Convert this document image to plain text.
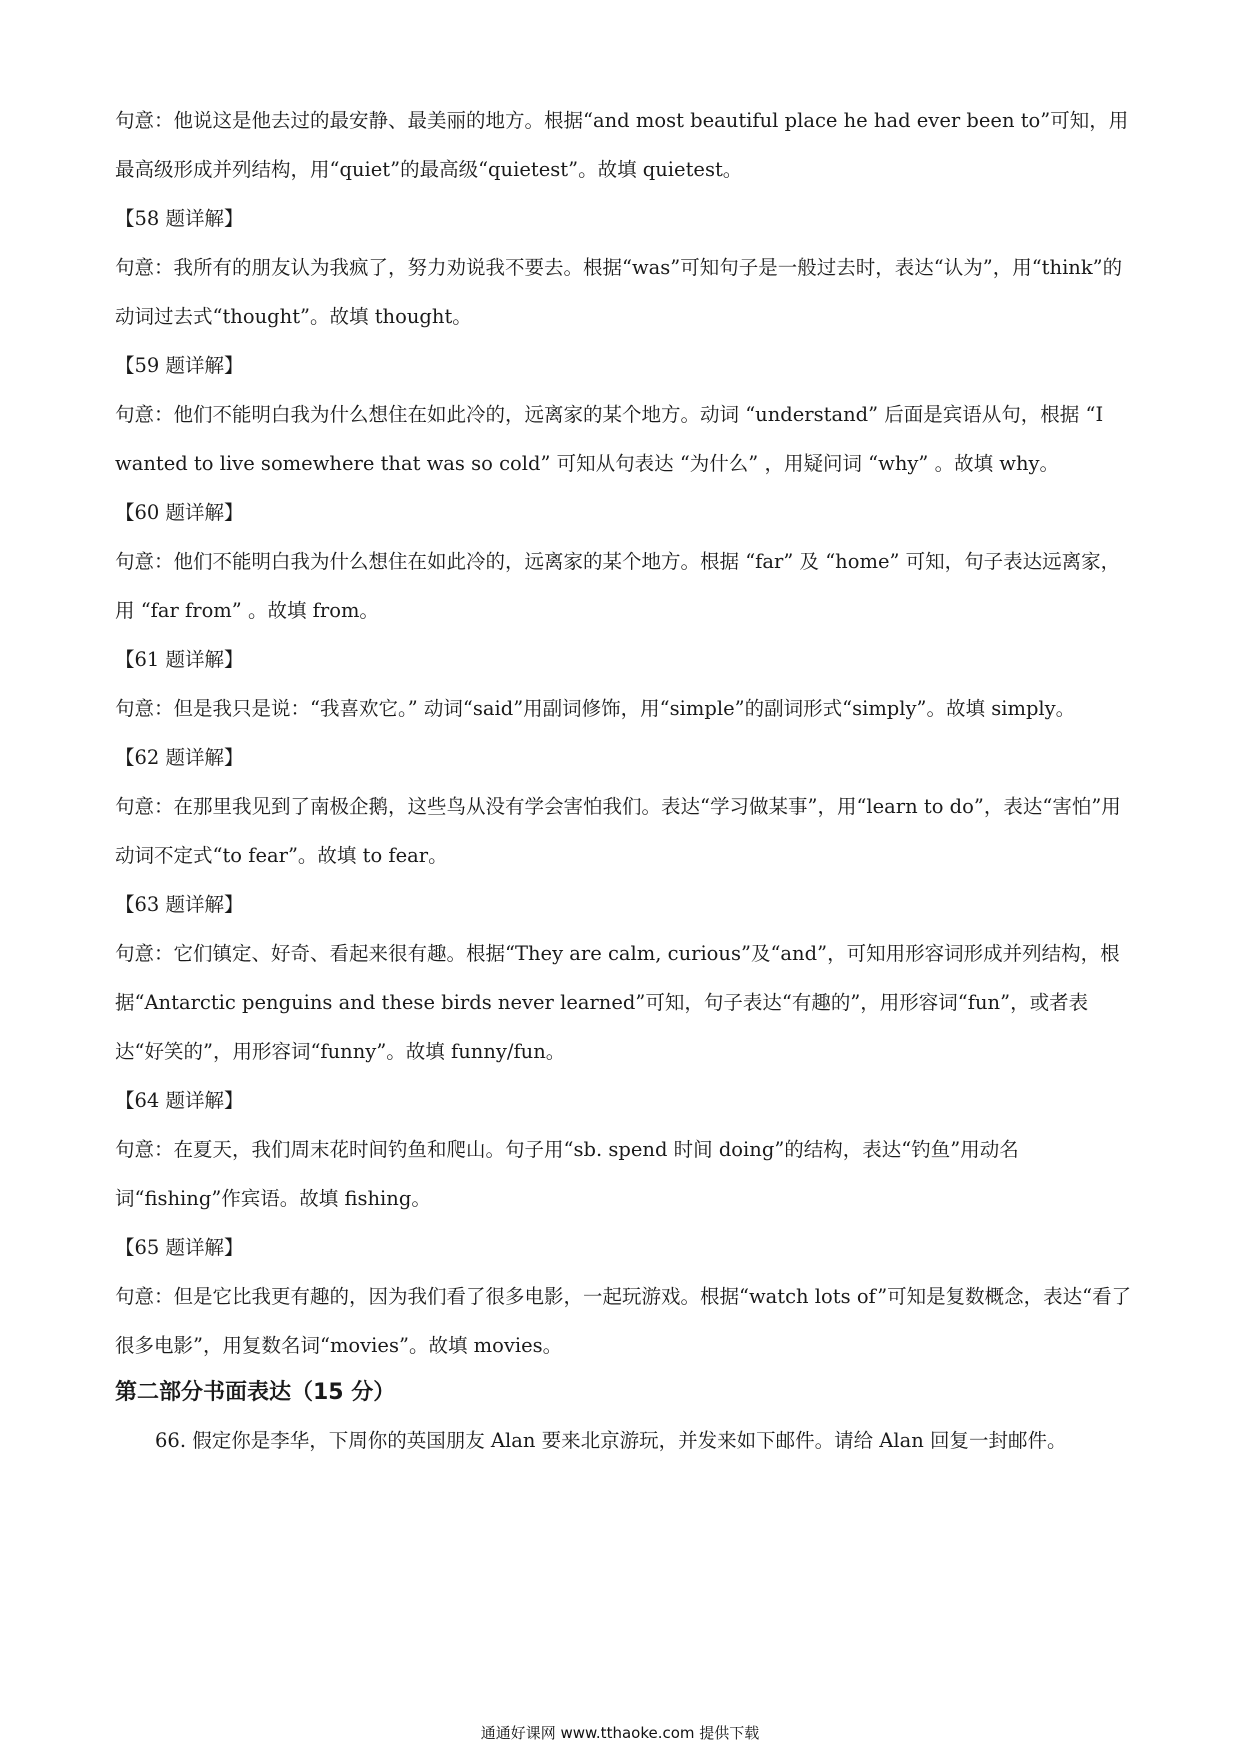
句意：他说这是他去过的最安静、最美丽的地方。根据“and most beautiful place he had ever been to”可知，用最高级形成并列结构，用“quiet”的最高级“quietest”。故填 quietest。

【58 题详解】

句意：我所有的朋友认为我疯了，努力劝说我不要去。根据“was”可知句子是一般过去时，表达“认为”，用“think”的动词过去式“thought”。故填 thought。

【59 题详解】

句意：他们不能明白我为什么想住在如此冷的，远离家的某个地方。动词 “understand” 后面是宾语从句，根据 “I wanted to live somewhere that was so cold” 可知从句表达 “为什么” ，用疑问词 “why” 。故填 why。

【60 题详解】

句意：他们不能明白我为什么想住在如此冷的，远离家的某个地方。根据 “far” 及 “home” 可知，句子表达远离家，用 “far from” 。故填 from。

【61 题详解】

句意：但是我只是说：“我喜欢它。” 动词“said”用副词修饰，用“simple”的副词形式“simply”。故填 simply。

【62 题详解】

句意：在那里我见到了南极企鹅，这些鸟从没有学会害怕我们。表达“学习做某事”，用“learn to do”，表达“害怕”用动词不定式“to fear”。故填 to fear。

【63 题详解】

句意：它们镇定、好奇、看起来很有趣。根据“They are calm, curious”及“and”，可知用形容词形成并列结构，根据“Antarctic penguins and these birds never learned”可知，句子表达“有趣的”，用形容词“fun”，或者表达“好笑的”，用形容词“funny”。故填 funny/fun。

【64 题详解】

句意：在夏天，我们周末花时间钓鱼和爬山。句子用“sb. spend 时间 doing”的结构，表达“钓鱼”用动名词“fishing”作宾语。故填 fishing。

【65 题详解】

句意：但是它比我更有趣的，因为我们看了很多电影，一起玩游戏。根据“watch lots of”可知是复数概念，表达“看了很多电影”，用复数名词“movies”。故填 movies。

第二部分书面表达（15 分）

66. 假定你是李华，下周你的英国朋友 Alan 要来北京游玩，并发来如下邮件。请给 Alan 回复一封邮件。

通通好课网 www.tthaoke.com 提供下载
